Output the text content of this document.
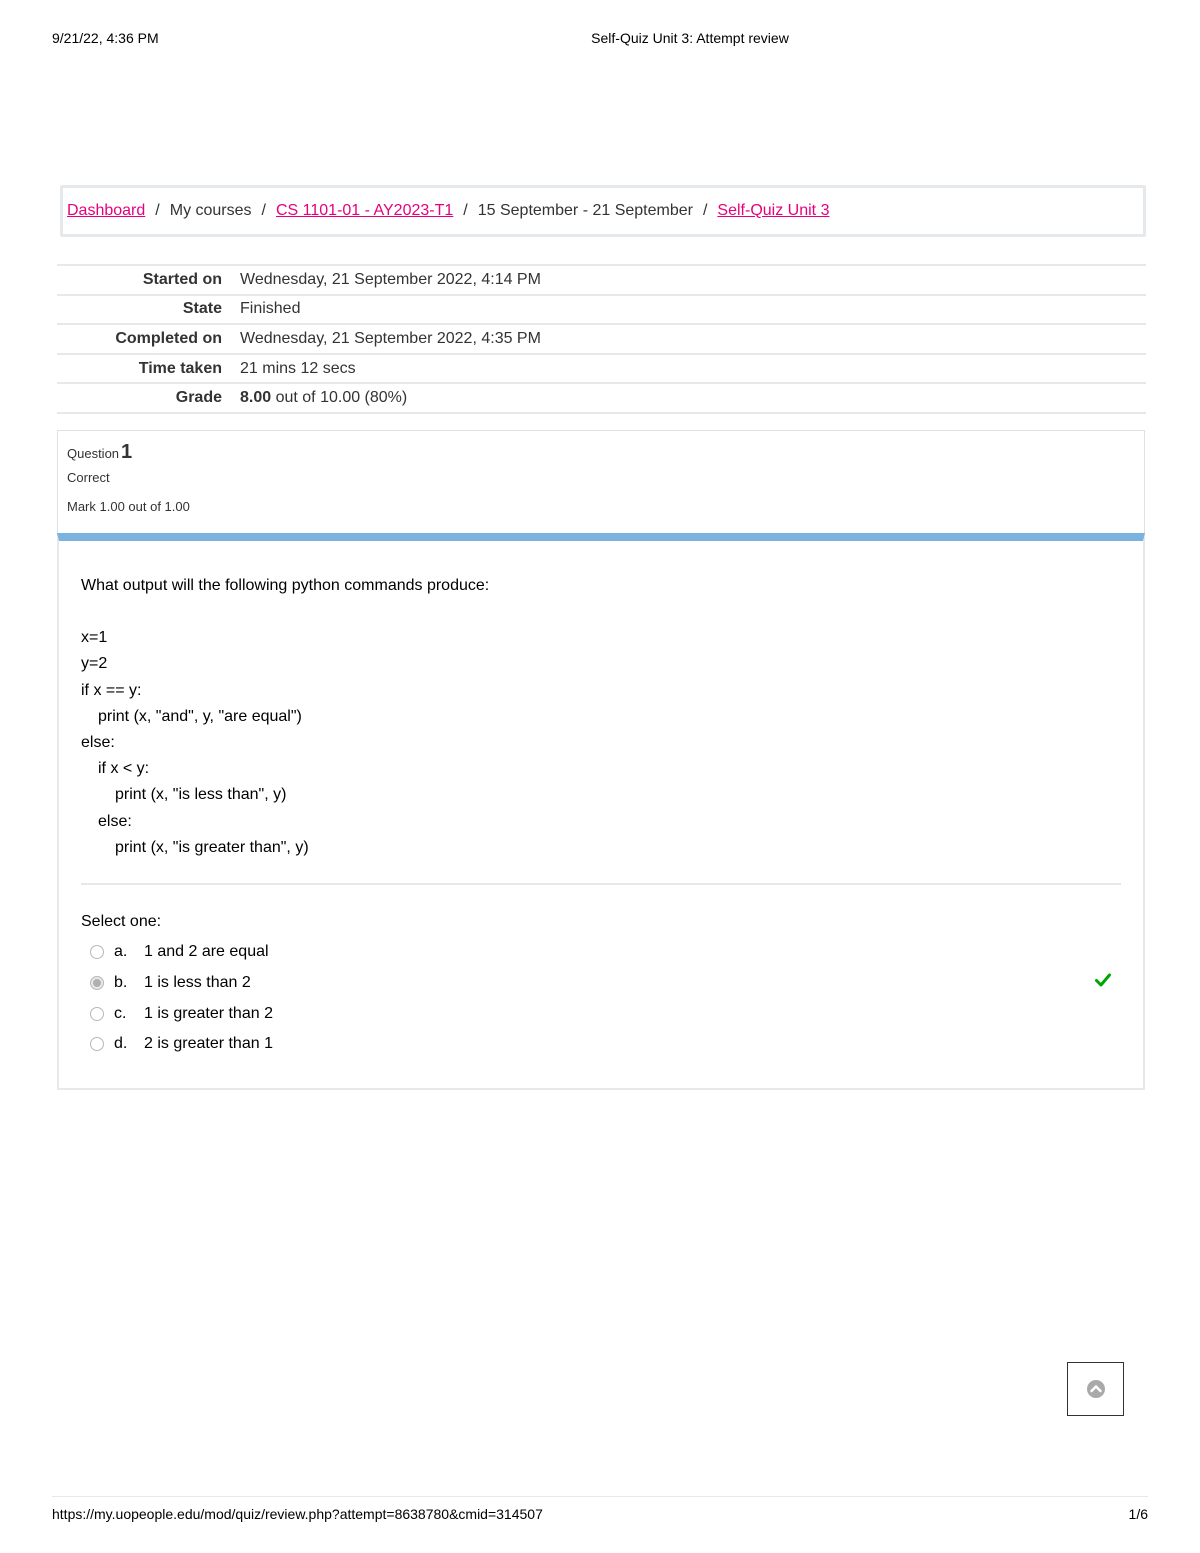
9/21/22, 4:36 PM	Self-Quiz Unit 3: Attempt review
Dashboard / My courses / CS 1101-01 - AY2023-T1 / 15 September - 21 September / Self-Quiz Unit 3
Started on	Wednesday, 21 September 2022, 4:14 PM
State	Finished
Completed on	Wednesday, 21 September 2022, 4:35 PM
Time taken	21 mins 12 secs
Grade	8.00 out of 10.00 (80%)
Question 1
Correct
Mark 1.00 out of 1.00
What output will the following python commands produce:
x=1
y=2
if x == y:
print (x, "and", y, "are equal")
else:
if x < y:
print (x, "is less than", y)
else:
print (x, "is greater than", y)
Select one:
a.	1 and 2 are equal
b.	1 is less than 2
c.	1 is greater than 2
d.	2 is greater than 1
https://my.uopeople.edu/mod/quiz/review.php?attempt=8638780&cmid=314507	1/6
